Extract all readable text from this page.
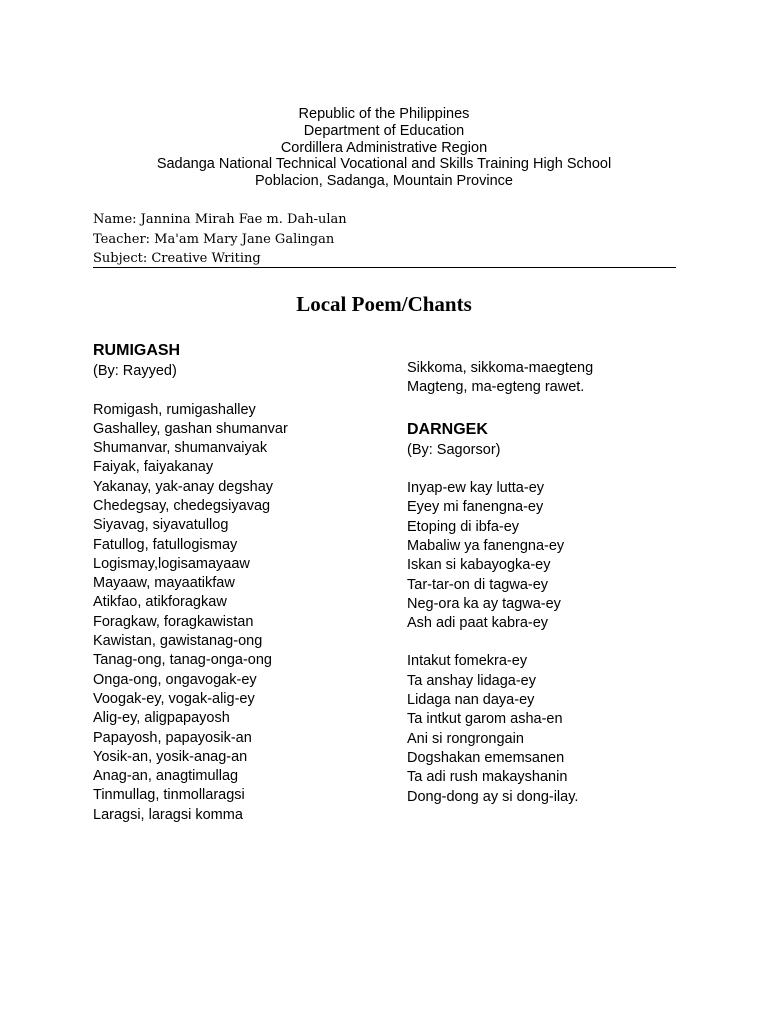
Republic of the Philippines
Department of Education
Cordillera Administrative Region
Sadanga National Technical Vocational and Skills Training High School
Poblacion, Sadanga, Mountain Province
Name: Jannina Mirah Fae m. Dah-ulan
Teacher: Ma'am Mary Jane Galingan
Subject: Creative Writing
Local Poem/Chants
RUMIGASH
(By: Rayyed)
Romigash, rumigashalley
Gashalley, gashan shumanvar
Shumanvar, shumanvaiyak
Faiyak, faiyakanay
Yakanay, yak-anay degshay
Chedegsay, chedegsiyavag
Siyavag, siyavatullog
Fatullog, fatullogismay
Logismay,logisamayaaw
Mayaaw, mayaatikfaw
Atikfao, atikforagkaw
Foragkaw, foragkawistan
Kawistan, gawistanag-ong
Tanag-ong, tanag-onga-ong
Onga-ong, ongavogak-ey
Voogak-ey, vogak-alig-ey
Alig-ey, aligpapayosh
Papayosh, papayosik-an
Yosik-an, yosik-anag-an
Anag-an, anagtimullag
Tinmullag, tinmollaragsi
Laragsi, laragsi komma
Sikkoma, sikkoma-maegteng
Magteng, ma-egteng rawet.
DARNGEK
(By: Sagorsor)
Inyap-ew kay lutta-ey
Eyey mi fanengna-ey
Etoping di ibfa-ey
Mabaliw ya fanengna-ey
Iskan si kabayogka-ey
Tar-tar-on di tagwa-ey
Neg-ora ka ay tagwa-ey
Ash adi paat kabra-ey
Intakut fomekra-ey
Ta anshay lidaga-ey
Lidaga nan daya-ey
Ta intkut garom asha-en
Ani si rongrongain
Dogshakan ememsanen
Ta adi rush makayshanin
Dong-dong ay si dong-ilay.
